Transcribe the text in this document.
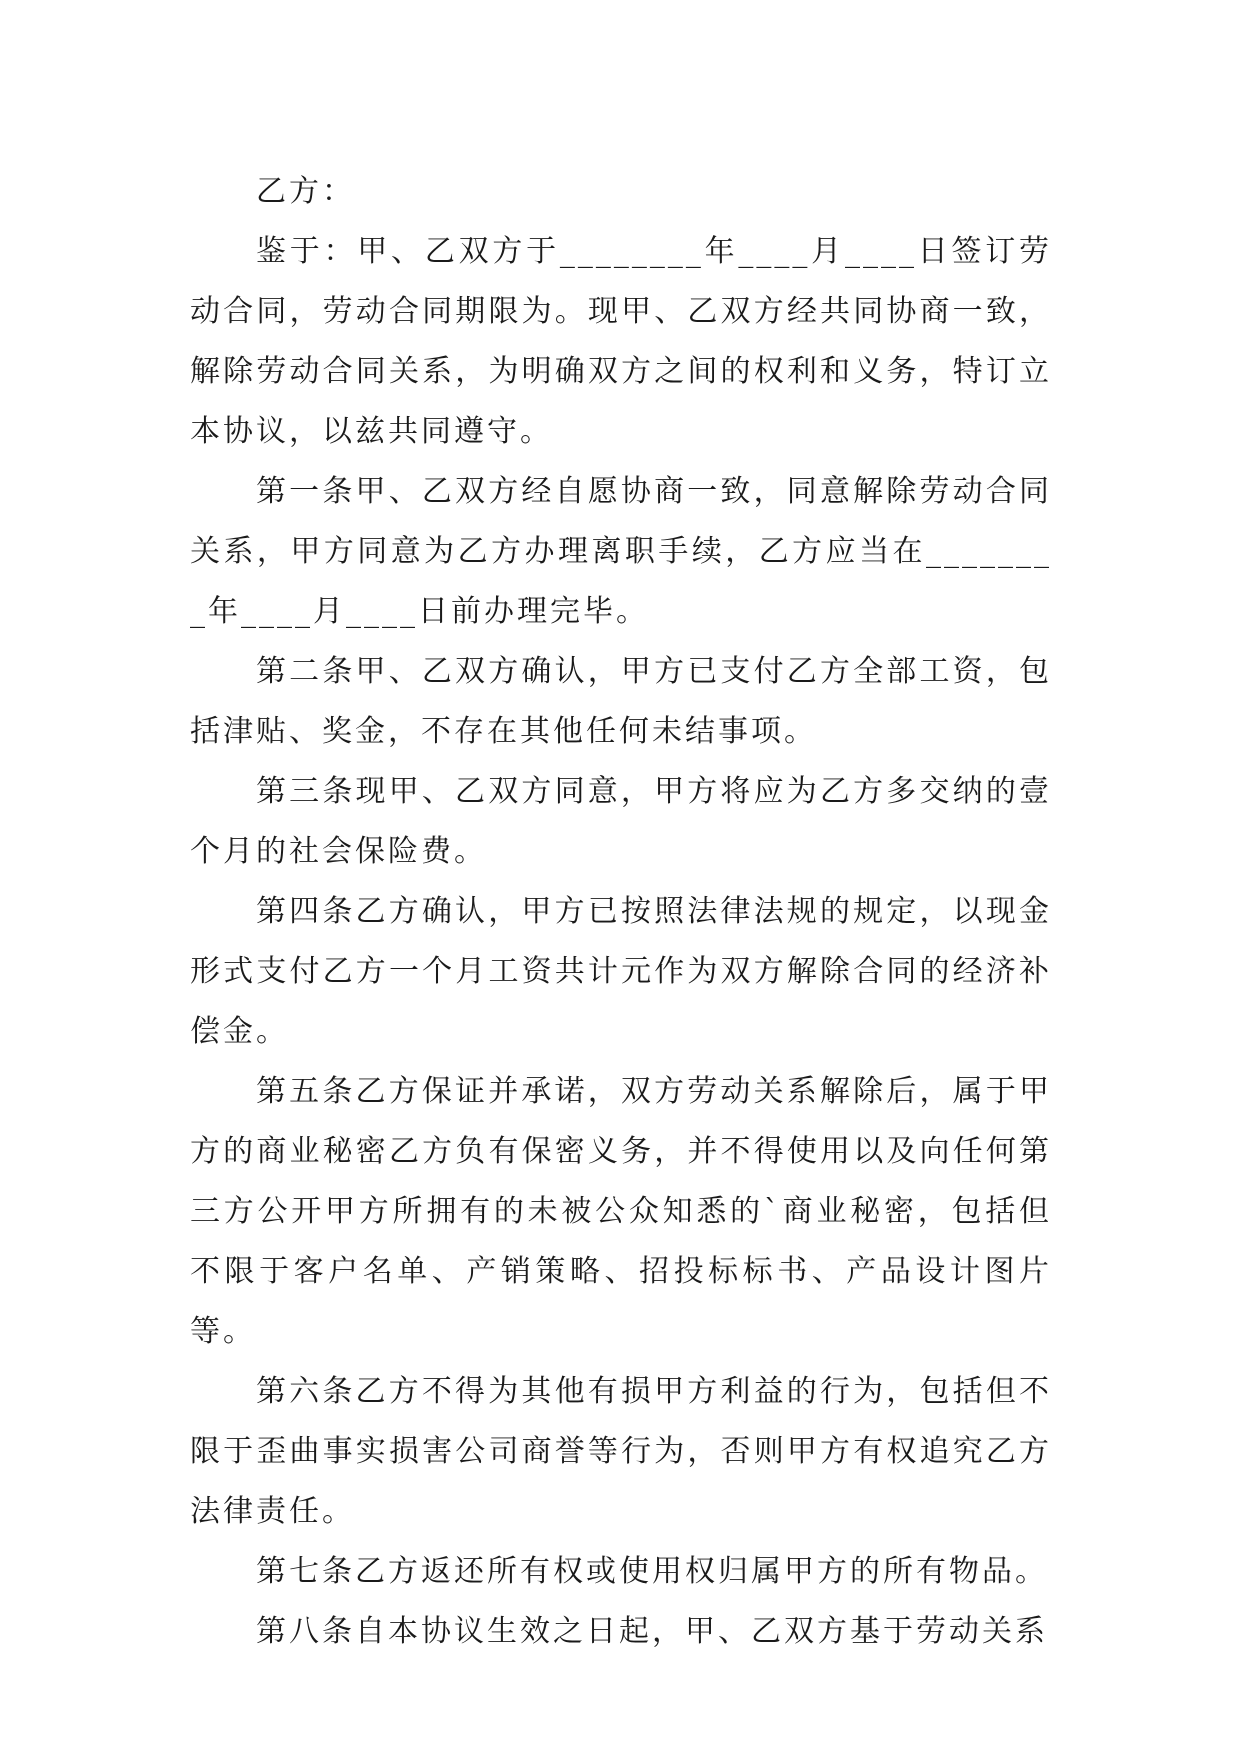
乙方：

鉴于：甲、乙双方于________年____月____日签订劳动合同，劳动合同期限为。现甲、乙双方经共同协商一致，解除劳动合同关系，为明确双方之间的权利和义务，特订立本协议，以兹共同遵守。

第一条甲、乙双方经自愿协商一致，同意解除劳动合同关系，甲方同意为乙方办理离职手续，乙方应当在________年____月____日前办理完毕。

第二条甲、乙双方确认，甲方已支付乙方全部工资，包括津贴、奖金，不存在其他任何未结事项。

第三条现甲、乙双方同意，甲方将应为乙方多交纳的壹个月的社会保险费。

第四条乙方确认，甲方已按照法律法规的规定，以现金形式支付乙方一个月工资共计元作为双方解除合同的经济补偿金。

第五条乙方保证并承诺，双方劳动关系解除后，属于甲方的商业秘密乙方负有保密义务，并不得使用以及向任何第三方公开甲方所拥有的未被公众知悉的`商业秘密，包括但不限于客户名单、产销策略、招投标标书、产品设计图片等。

第六条乙方不得为其他有损甲方利益的行为，包括但不限于歪曲事实损害公司商誉等行为，否则甲方有权追究乙方法律责任。

第七条乙方返还所有权或使用权归属甲方的所有物品。

第八条自本协议生效之日起，甲、乙双方基于劳动关系
